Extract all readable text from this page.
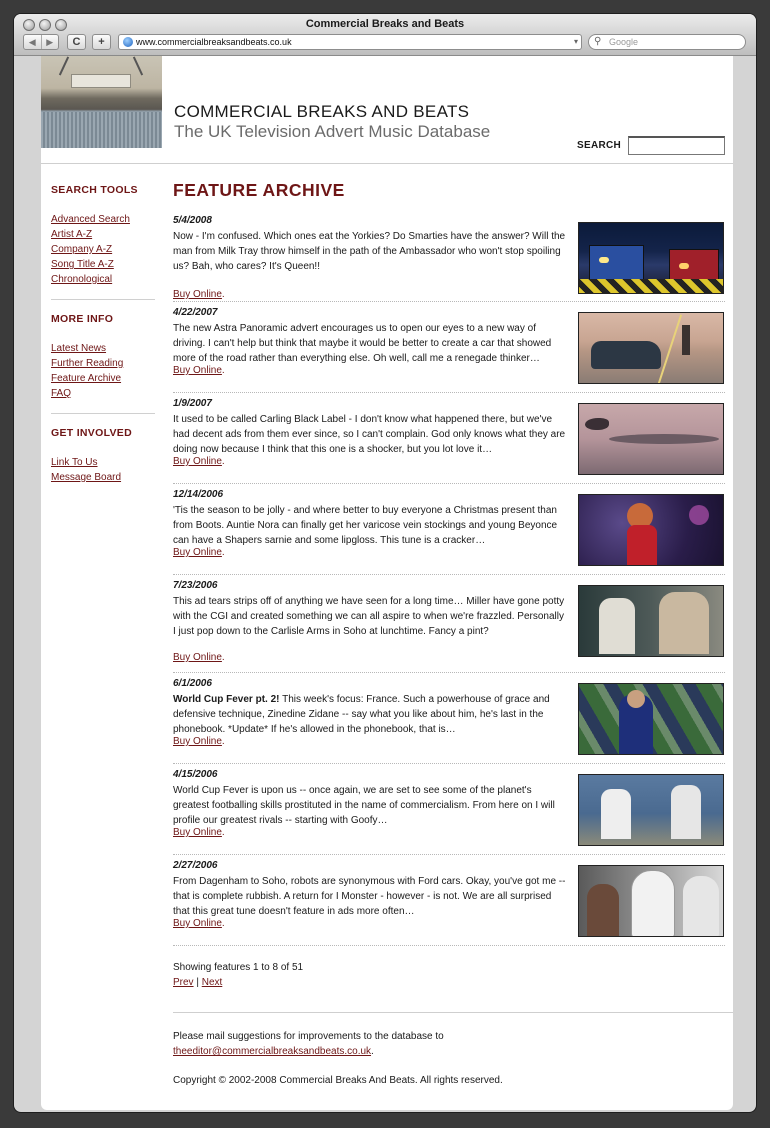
Commercial Breaks and Beats
◀	▶	C	+	www.commercialbreaksandbeats.co.uk	▾ ⚲ Google
COMMERCIAL BREAKS AND BEATS
The UK Television Advert Music Database
SEARCH
SEARCH TOOLS
Advanced Search
Artist A-Z
Company A-Z
Song Title A-Z
Chronological
MORE INFO
Latest News
Further Reading
Feature Archive
FAQ
GET INVOLVED
Link To Us
Message Board
FEATURE ARCHIVE
5/4/2008

Now - I'm confused. Which ones eat the Yorkies? Do Smarties have the answer? Will the man from Milk Tray throw himself in the path of the Ambassador who won't stop spoiling us? Bah, who cares? It's Queen!!

Buy Online.
4/22/2007

The new Astra Panoramic advert encourages us to open our eyes to a new way of driving. I can't help but think that maybe it would be better to create a car that showed more of the road rather than everything else. Oh well, call me a renegade thinker…

Buy Online.
1/9/2007

It used to be called Carling Black Label - I don't know what happened there, but we've had decent ads from them ever since, so I can't complain. God only knows what they are doing now because I think that this one is a shocker, but you lot love it…

Buy Online.
12/14/2006

'Tis the season to be jolly - and where better to buy everyone a Christmas present than from Boots. Auntie Nora can finally get her varicose vein stockings and young Beyonce can have a Shapers sarnie and some lipgloss. This tune is a cracker…

Buy Online.
7/23/2006

This ad tears strips off of anything we have seen for a long time… Miller have gone potty with the CGI and created something we can all aspire to when we're frazzled. Personally I just pop down to the Carlisle Arms in Soho at lunchtime. Fancy a pint?

Buy Online.
6/1/2006

World Cup Fever pt. 2! This week's focus: France. Such a powerhouse of grace and defensive technique, Zinedine Zidane -- say what you like about him, he's last in the phonebook. *Update* If he's allowed in the phonebook, that is…

Buy Online.
4/15/2006

World Cup Fever is upon us -- once again, we are set to see some of the planet's greatest footballing skills prostituted in the name of commercialism. From here on I will profile our greatest rivals -- starting with Goofy…

Buy Online.
2/27/2006

From Dagenham to Soho, robots are synonymous with Ford cars. Okay, you've got me -- that is complete rubbish. A return for I Monster - however - is not. We are all surprised that this great tune doesn't feature in ads more often…

Buy Online.
Showing features 1 to 8 of 51
Prev | Next
Please mail suggestions for improvements to the database to
theeditor@commercialbreaksandbeats.co.uk.
Copyright © 2002-2008 Commercial Breaks And Beats. All rights reserved.
